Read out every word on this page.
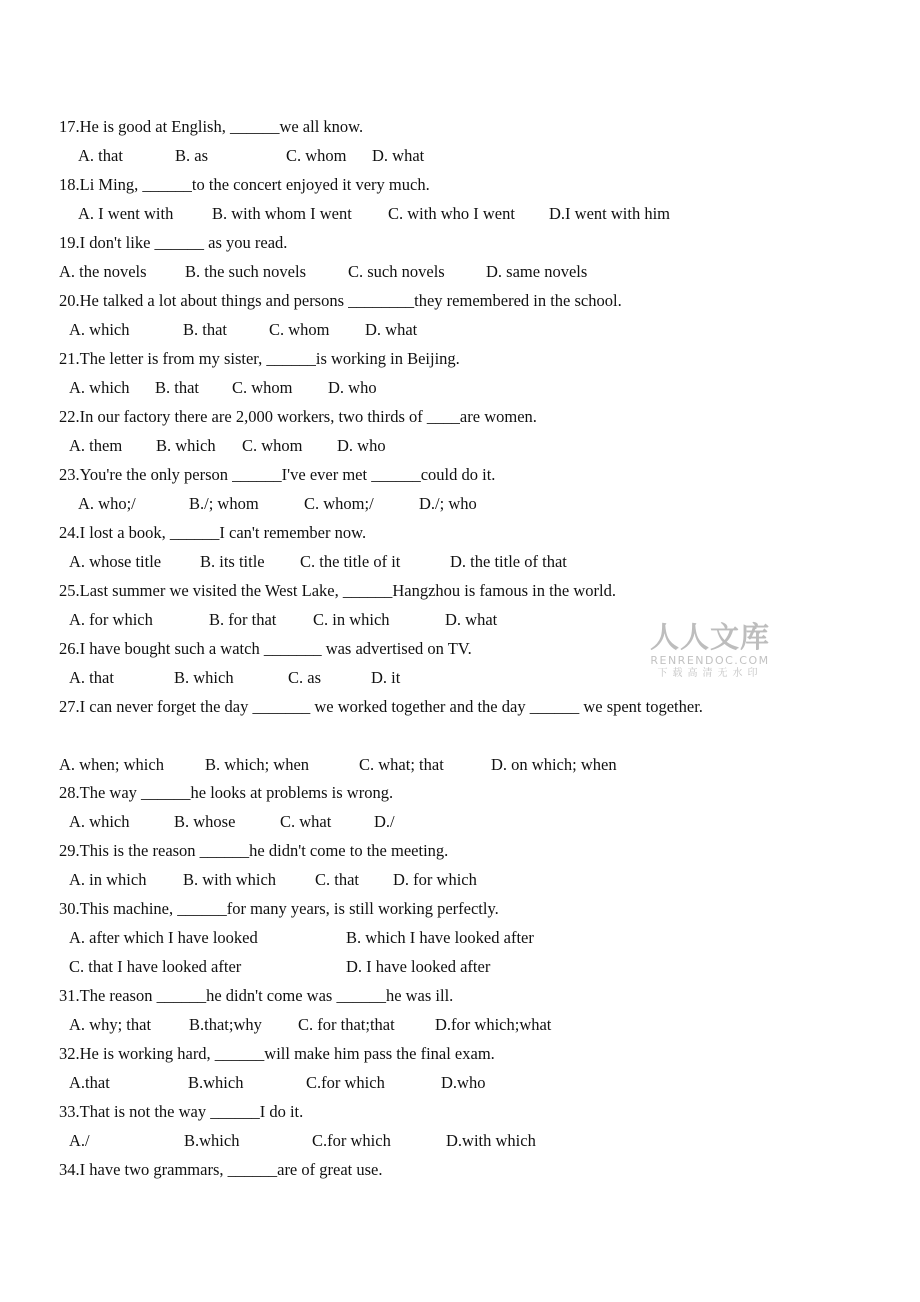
17.He is good at English, ______we all know.
A. that	B. as	C. whom D. what
18.Li Ming, ______to the concert enjoyed it very much.
A. I went with B. with whom I went C. with who I went D.I went with him
19.I don't like ______ as you read.
A. the novels B. the such novels	C. such novels	D. same novels
20.He talked a lot about things and persons ________they remembered in the school.
A. which	B. that	C. whom D. what
21.The letter is from my sister, ______is working in Beijing.
A. which B. that C. whom D. who
22.In our factory there are 2,000 workers, two thirds of ____are women.
A. them B. which C. whom D. who
23.You're the only person ______I've ever met ______could do it.
A. who;/	B./; whom	C. whom;/	D./; who
24.I lost a book, ______I can't remember now.
A. whose title B. its title C. the title of it	D. the title of that
25.Last summer we visited the West Lake, ______Hangzhou is famous in the world.
A. for which	B. for that C. in which	D. what
26.I have bought such a watch _______ was advertised on TV.
A. that	B. which	C. as	D. it
27.I can never forget the day _______ we worked together and the day ______ we spent together.
A. when; which B. which; when	C. what; that	D. on which; when
28.The way ______he looks at problems is wrong.
A. which	B. whose	C. what	D./
29.This is the reason ______he didn't come to the meeting.
A. in which B. with which C. that D. for which
30.This machine, ______for many years, is still working perfectly.
A. after which I have looked	B. which I have looked after
C. that I have looked after	D. I have looked after
31.The reason ______he didn't come was ______he was ill.
A. why; that B.that;why C. for that;that D.for which;what
32.He is working hard, ______will make him pass the final exam.
A.that	B.which	C.for which	D.who
33.That is not the way ______I do it.
A./	B.which	C.for which	D.with which
34.I have two grammars, ______are of great use.
人人文库
RENRENDOC.COM
下载高清无水印
